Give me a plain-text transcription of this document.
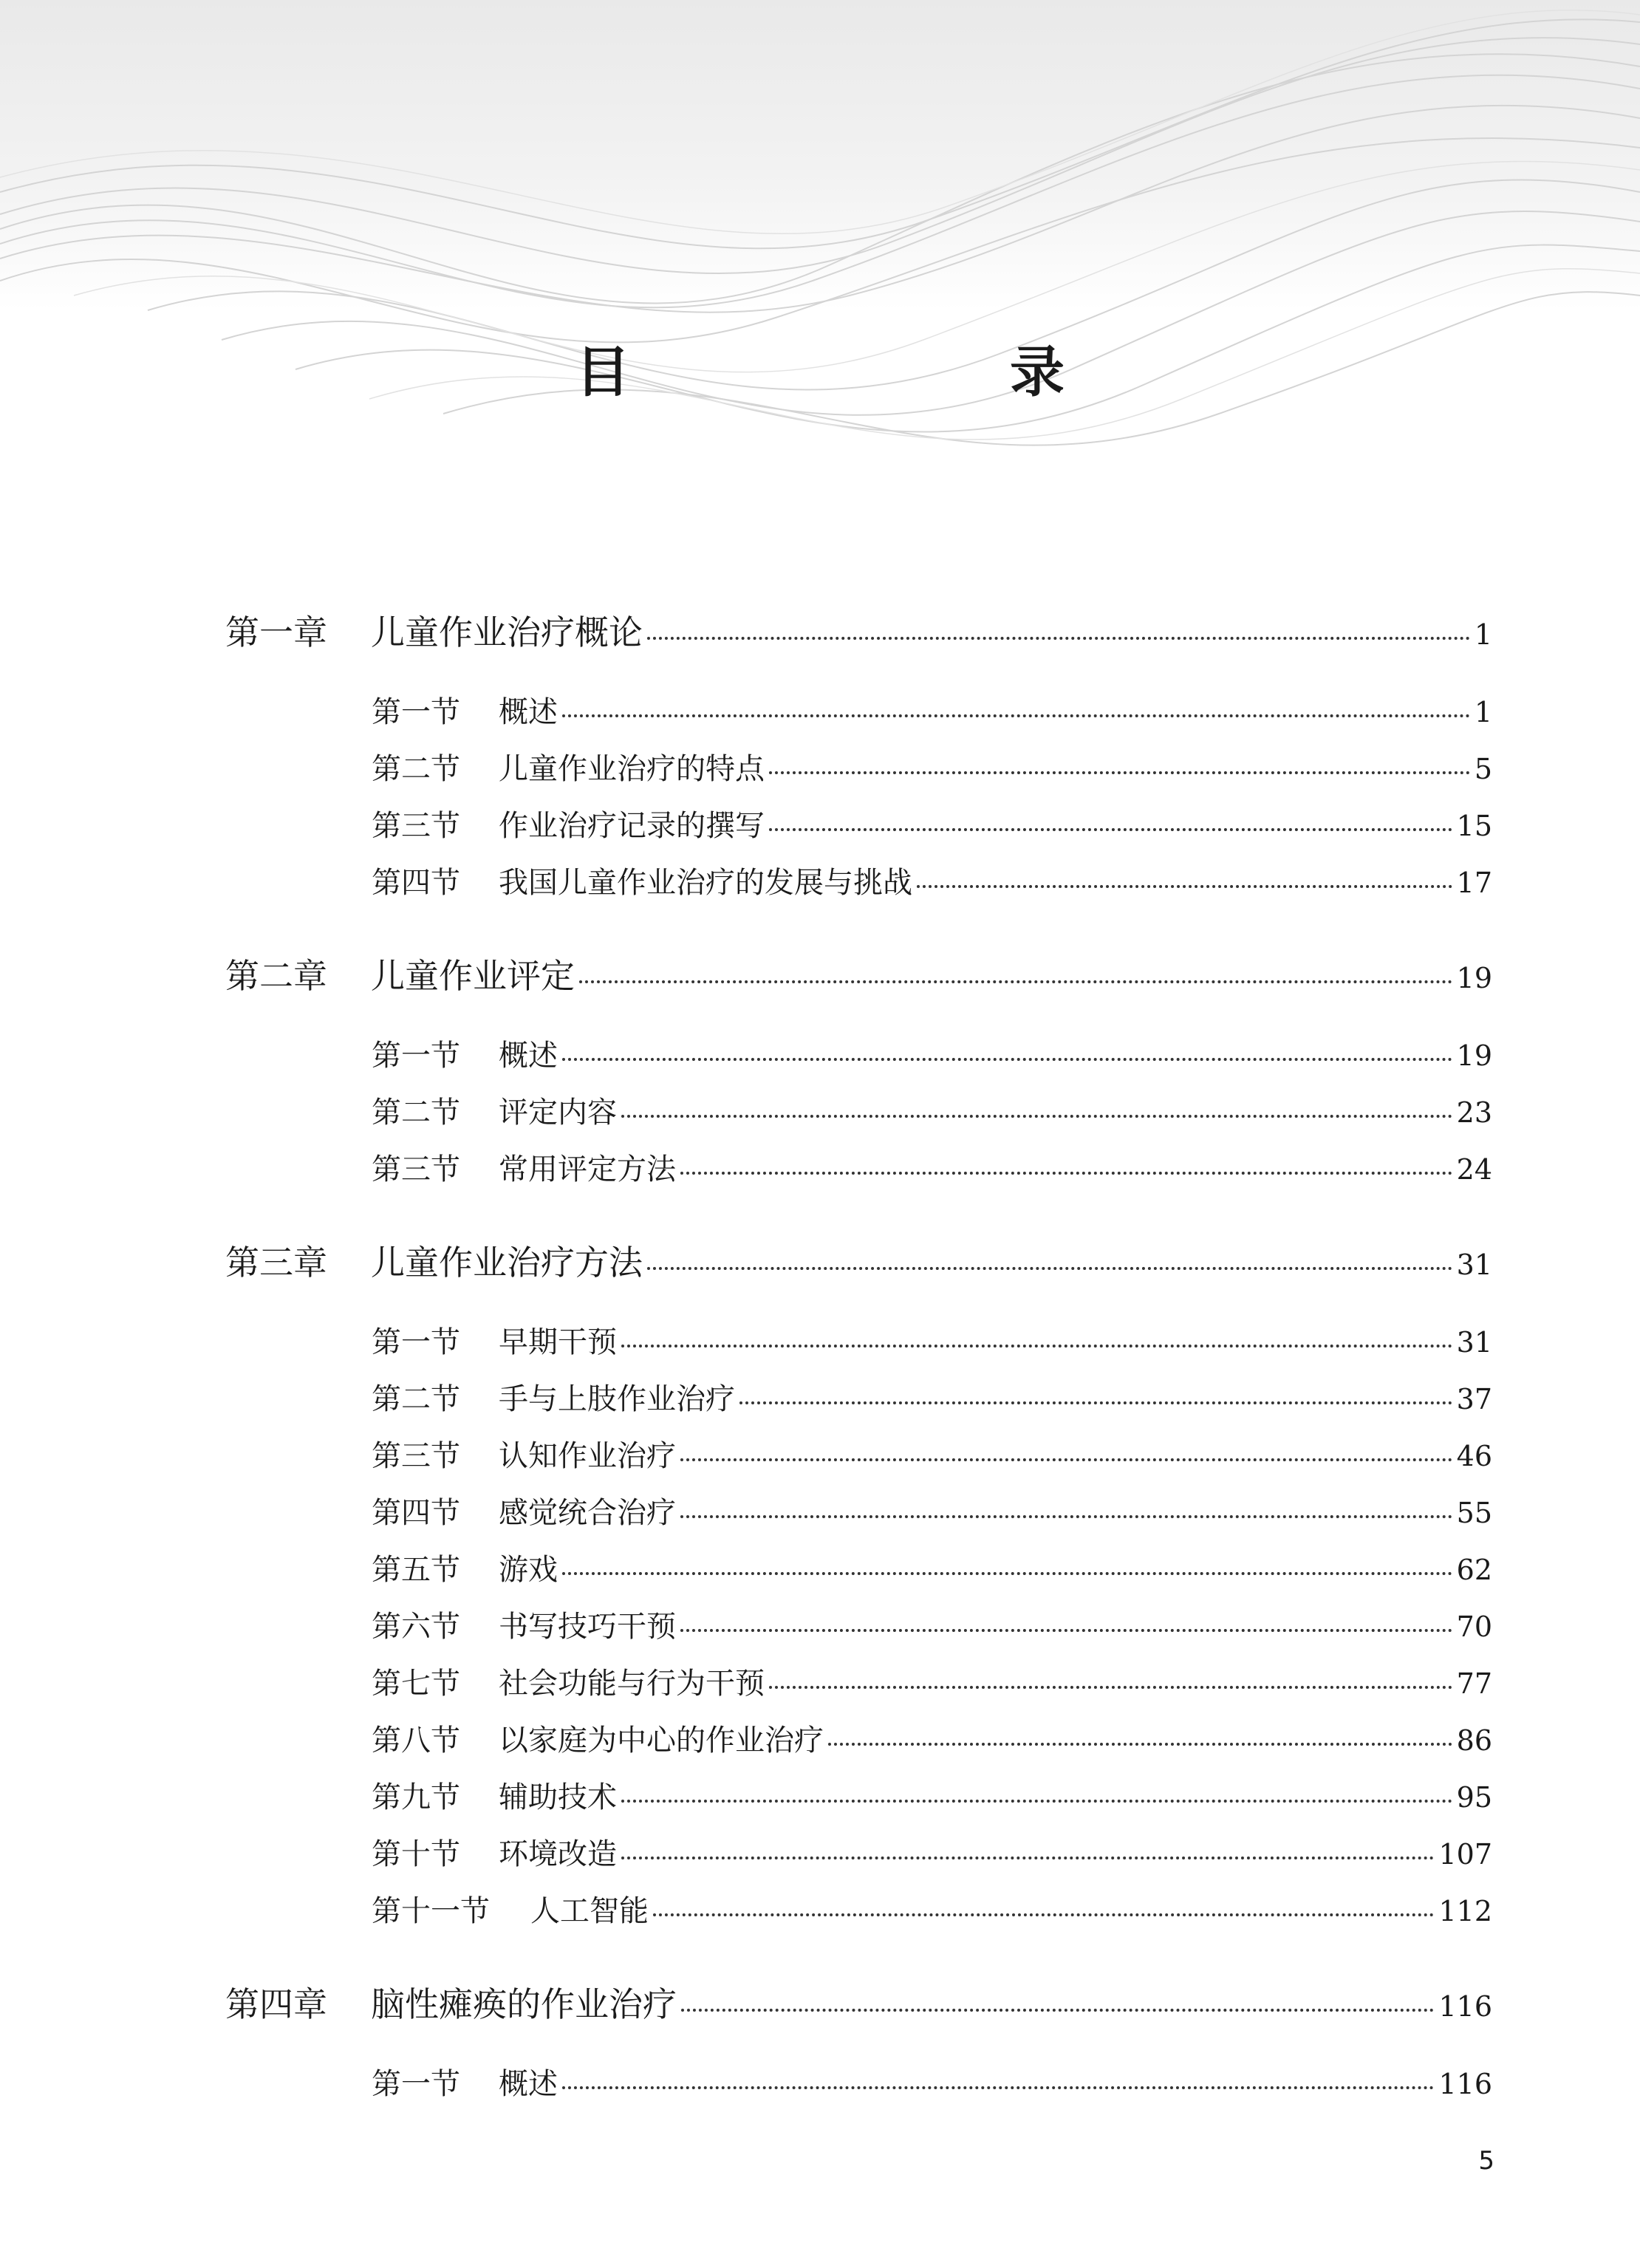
目　录
第一章	儿童作业治疗概论	1
第一节	概述	1
第二节	儿童作业治疗的特点	5
第三节	作业治疗记录的撰写	15
第四节	我国儿童作业治疗的发展与挑战	17
第二章	儿童作业评定	19
第一节	概述	19
第二节	评定内容	23
第三节	常用评定方法	24
第三章	儿童作业治疗方法	31
第一节	早期干预	31
第二节	手与上肢作业治疗	37
第三节	认知作业治疗	46
第四节	感觉统合治疗	55
第五节	游戏	62
第六节	书写技巧干预	70
第七节	社会功能与行为干预	77
第八节	以家庭为中心的作业治疗	86
第九节	辅助技术	95
第十节	环境改造	107
第十一节	人工智能	112
第四章	脑性瘫痪的作业治疗	116
第一节	概述	116
5
